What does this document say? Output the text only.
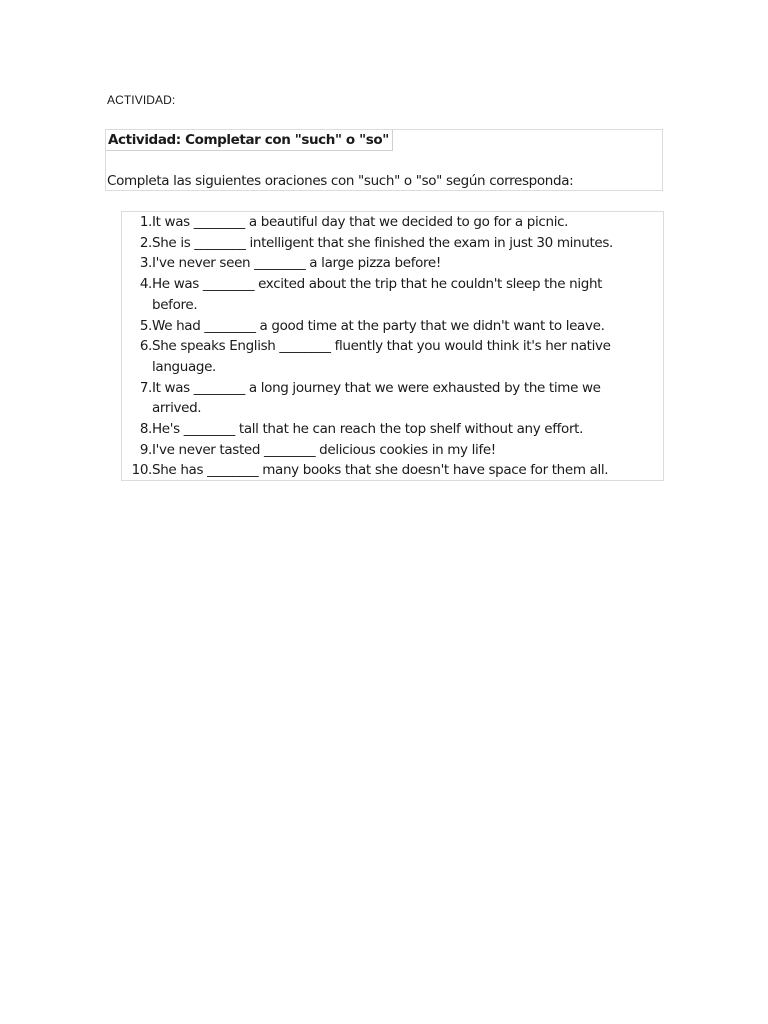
ACTIVIDAD:
Actividad: Completar con "such" o "so"
Completa las siguientes oraciones con "such" o "so" según corresponda:
1. It was ________ a beautiful day that we decided to go for a picnic.
2. She is ________ intelligent that she finished the exam in just 30 minutes.
3. I've never seen ________ a large pizza before!
4. He was ________ excited about the trip that he couldn't sleep the night before.
5. We had ________ a good time at the party that we didn't want to leave.
6. She speaks English ________ fluently that you would think it's her native language.
7. It was ________ a long journey that we were exhausted by the time we arrived.
8. He's ________ tall that he can reach the top shelf without any effort.
9. I've never tasted ________ delicious cookies in my life!
10. She has ________ many books that she doesn't have space for them all.
